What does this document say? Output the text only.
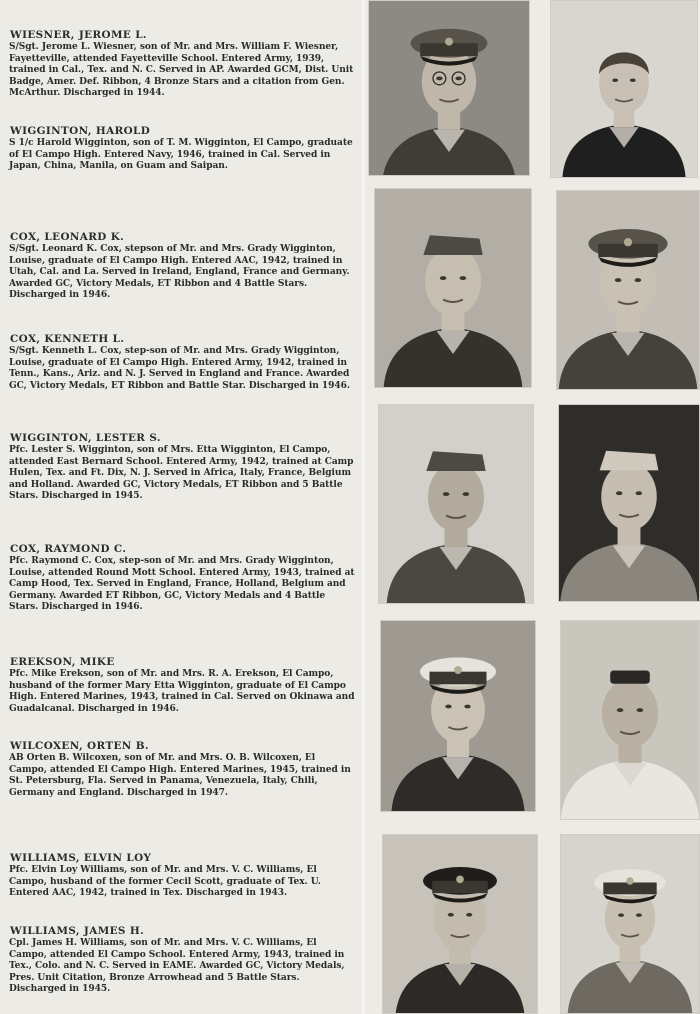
WIESNER, JEROME L.
S/Sgt. Jerome L. Wiesner, son of Mr. and Mrs. William F. Wiesner, Fayetteville, attended Fayetteville School. Entered Army, 1939, trained in Cal., Tex. and N. C. Served in AP. Awarded GCM, Dist. Unit Badge, Amer. Def. Ribbon, 4 Bronze Stars and a citation from Gen. McArthur. Discharged in 1944.
WIGGINTON, HAROLD
S 1/c Harold Wigginton, son of T. M. Wigginton, El Campo, graduate of El Campo High. Entered Navy, 1946, trained in Cal. Served in Japan, China, Manila, on Guam and Saipan.
COX, LEONARD K.
S/Sgt. Leonard K. Cox, stepson of Mr. and Mrs. Grady Wigginton, Louise, graduate of El Campo High. Entered AAC, 1942, trained in Utah, Cal. and La. Served in Ireland, England, France and Germany. Awarded GC, Victory Medals, ET Ribbon and 4 Battle Stars. Discharged in 1946.
COX, KENNETH L.
S/Sgt. Kenneth L. Cox, step-son of Mr. and Mrs. Grady Wigginton, Louise, graduate of El Campo High. Entered Army, 1942, trained in Tenn., Kans., Ariz. and N. J. Served in England and France. Awarded GC, Victory Medals, ET Ribbon and Battle Star. Discharged in 1946.
WIGGINTON, LESTER S.
Pfc. Lester S. Wigginton, son of Mrs. Etta Wigginton, El Campo, attended East Bernard School. Entered Army, 1942, trained at Camp Hulen, Tex. and Ft. Dix, N. J. Served in Africa, Italy, France, Belgium and Holland. Awarded GC, Victory Medals, ET Ribbon and 5 Battle Stars. Discharged in 1945.
COX, RAYMOND C.
Pfc. Raymond C. Cox, step-son of Mr. and Mrs. Grady Wigginton, Louise, attended Round Mott School. Entered Army, 1943, trained at Camp Hood, Tex. Served in England, France, Holland, Belgium and Germany. Awarded ET Ribbon, GC, Victory Medals and 4 Battle Stars. Discharged in 1946.
EREKSON, MIKE
Pfc. Mike Erekson, son of Mr. and Mrs. R. A. Erekson, El Campo, husband of the former Mary Etta Wigginton, graduate of El Campo High. Entered Marines, 1943, trained in Cal. Served on Okinawa and Guadalcanal. Discharged in 1946.
WILCOXEN, ORTEN B.
AB Orten B. Wilcoxen, son of Mr. and Mrs. O. B. Wilcoxen, El Campo, attended El Campo High. Entered Marines, 1945, trained in St. Petersburg, Fla. Served in Panama, Venezuela, Italy, Chili, Germany and England. Discharged in 1947.
WILLIAMS, ELVIN LOY
Pfc. Elvin Loy Williams, son of Mr. and Mrs. V. C. Williams, El Campo, husband of the former Cecil Scott, graduate of Tex. U. Entered AAC, 1942, trained in Tex. Discharged in 1943.
WILLIAMS, JAMES H.
Cpl. James H. Williams, son of Mr. and Mrs. V. C. Williams, El Campo, attended El Campo School. Entered Army, 1943, trained in Tex., Colo. and N. C. Served in EAME. Awarded GC, Victory Medals, Pres. Unit Citation, Bronze Arrowhead and 5 Battle Stars. Discharged in 1945.
